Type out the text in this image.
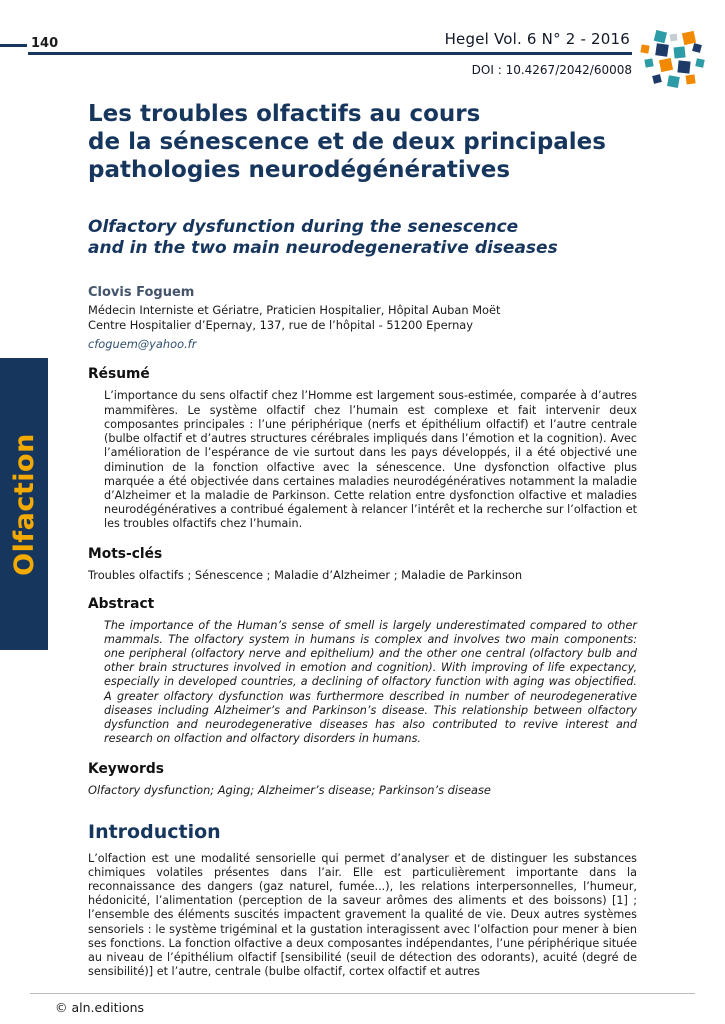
140	Hegel Vol. 6 N° 2 - 2016
DOI : 10.4267/2042/60008
Olfaction
Les troubles olfactifs au cours
de la sénescence et de deux principales
pathologies neurodégénératives
Olfactory dysfunction during the senescence
and in the two main neurodegenerative diseases
Clovis Foguem
Médecin Interniste et Gériatre, Praticien Hospitalier, Hôpital Auban Moët
Centre Hospitalier d’Epernay, 137, rue de l’hôpital - 51200 Epernay
cfoguem@yahoo.fr
Résumé

L’importance du sens olfactif chez l’Homme est largement sous-estimée, comparée à d’autres mammifères. Le système olfactif chez l’humain est complexe et fait intervenir deux composantes principales : l’une périphérique (nerfs et épithélium olfactif) et l’autre centrale (bulbe olfactif et d’autres structures cérébrales impliqués dans l’émotion et la cognition). Avec l’amélioration de l’espérance de vie surtout dans les pays développés, il a été objectivé une diminution de la fonction olfactive avec la sénescence. Une dysfonction olfactive plus marquée a été objectivée dans certaines maladies neurodégénératives notamment la maladie d’Alzheimer et la maladie de Parkinson. Cette relation entre dysfonction olfactive et maladies neurodégénératives a contribué également à relancer l’intérêt et la recherche sur l’olfaction et les troubles olfactifs chez l’humain.

Mots-clés
Troubles olfactifs ; Sénescence ; Maladie d’Alzheimer ; Maladie de Parkinson
Abstract

The importance of the Human’s sense of smell is largely underestimated compared to other mammals. The olfactory system in humans is complex and involves two main components: one peripheral (olfactory nerve and epithelium) and the other one central (olfactory bulb and other brain structures involved in emotion and cognition). With improving of life expectancy, especially in developed countries, a declining of olfactory function with aging was objectified. A greater olfactory dysfunction was furthermore described in number of neurodegenerative diseases including Alzheimer’s and Parkinson’s disease. This relationship between olfactory dysfunction and neurodegenerative diseases has also contributed to revive interest and research on olfaction and olfactory disorders in humans.

Keywords
Olfactory dysfunction; Aging; Alzheimer’s disease; Parkinson’s disease
Introduction

L’olfaction est une modalité sensorielle qui permet d’analyser et de distinguer les substances chimiques volatiles présentes dans l’air. Elle est particulièrement importante dans la reconnaissance des dangers (gaz naturel, fumée...), les relations interpersonnelles, l’humeur, hédonicité, l’alimentation (perception de la saveur arômes des aliments et des boissons) [1] ; l’ensemble des éléments suscités impactent gravement la qualité de vie. Deux autres systèmes sensoriels : le système trigéminal et la gustation interagissent avec l’olfaction pour mener à bien ses fonctions. La fonction olfactive a deux composantes indépendantes, l’une périphérique située au niveau de l’épithélium olfactif [sensibilité (seuil de détection des odorants), acuité (degré de sensibilité)] et l’autre, centrale (bulbe olfactif, cortex olfactif et autres

© aln.editions
